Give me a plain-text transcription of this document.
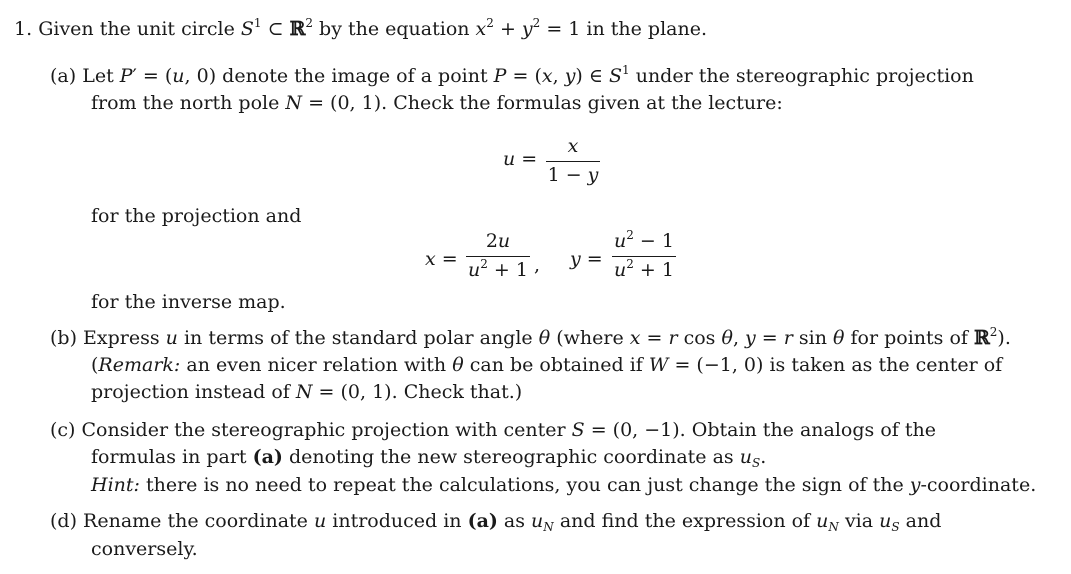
1. Given the unit circle $S^1$ ⊂ ℝ$^2$ by the equation $x^2 + y^2 = 1$ in the plane.
(a) Let P′ = (u, 0) denote the image of a point P = (x, y) ∈ $S^1$ under the stereographic projection
from the north pole N = (0, 1). Check the formulas given at the lecture:
u =
x
1 − y
for the projection and
x =
2u
$u^2 + 1$ , y =
$u^2 - 1$
$u^2 + 1$
for the inverse map.
(b) Express u in terms of the standard polar angle θ (where x = r cos θ, y = r sin θ for points of ℝ$^2$).
(Remark: an even nicer relation with θ can be obtained if W = (−1, 0) is taken as the center of
projection instead of N = (0, 1). Check that.)
(c) Consider the stereographic projection with center S = (0, −1). Obtain the analogs of the
formulas in part (a) denoting the new stereographic coordinate as $u_S$.
Hint: there is no need to repeat the calculations, you can just change the sign of the y-coordinate.
(d) Rename the coordinate u introduced in (a) as $u_N$ and find the expression of $u_N$ via $u_S$ and
conversely.
